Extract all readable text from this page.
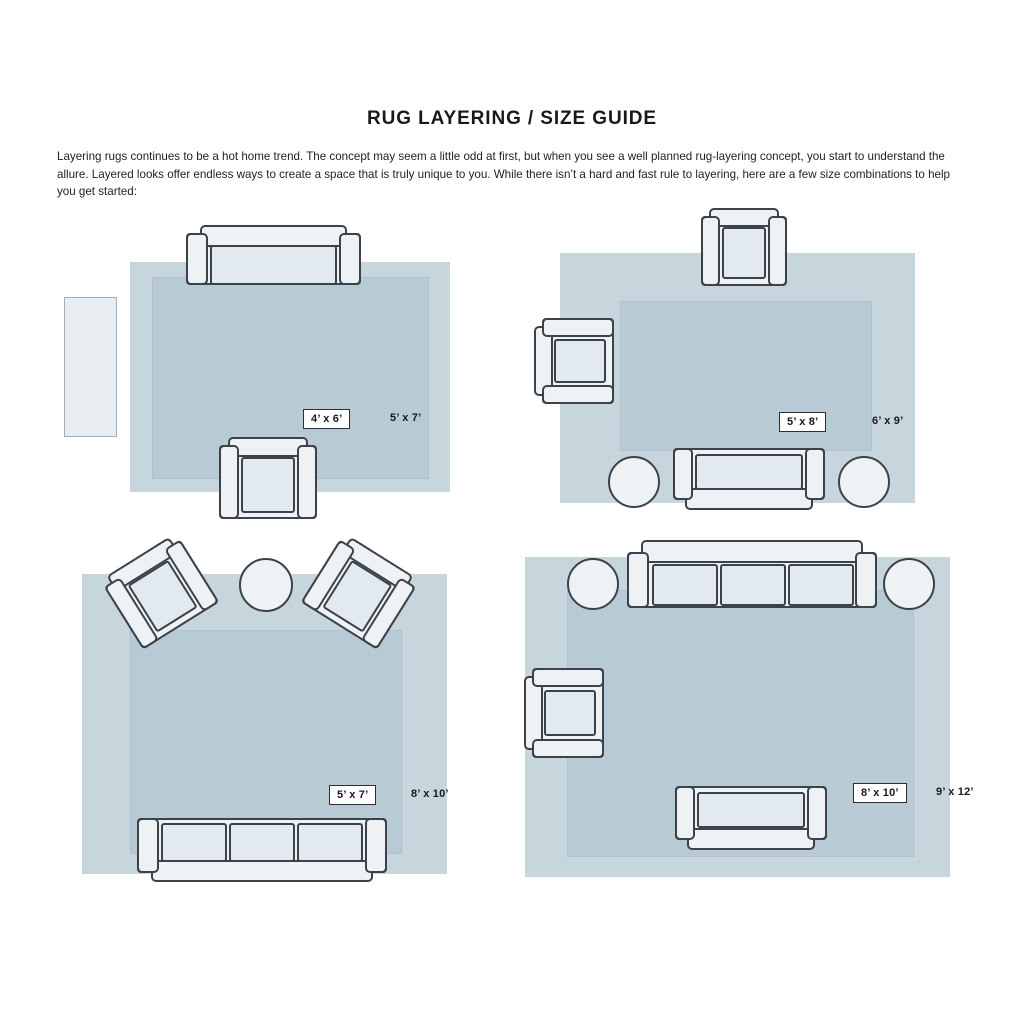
RUG LAYERING / SIZE GUIDE
Layering rugs continues to be a hot home trend. The concept may seem a little odd at first, but when you see a well planned rug-layering concept, you start to understand the allure. Layered looks offer endless ways to create a space that is truly unique to you. While there isn’t a hard and fast rule to layering, here are a few size combinations to help you get started:
4’ x 6’	5’ x 7’	5’ x 8’	6’ x 9’
5’ x 7’	8’ x 10’	8’ x 10’	9’ x 12’
